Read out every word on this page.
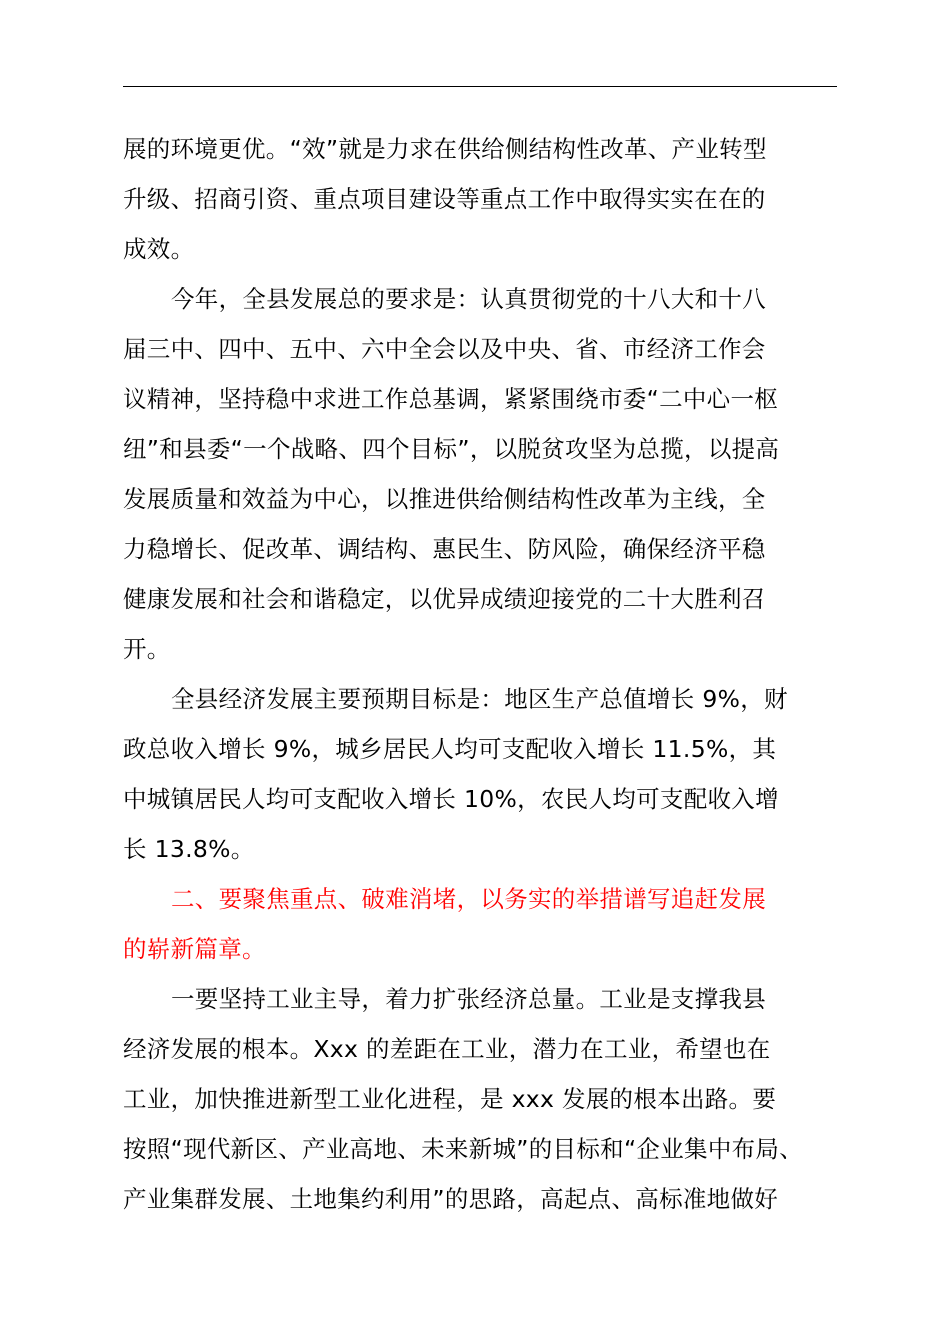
展的环境更优。“效”就是力求在供给侧结构性改革、产业转型
升级、招商引资、重点项目建设等重点工作中取得实实在在的
成效。
今年，全县发展总的要求是：认真贯彻党的十八大和十八
届三中、四中、五中、六中全会以及中央、省、市经济工作会
议精神，坚持稳中求进工作总基调，紧紧围绕市委“二中心一枢
纽”和县委“一个战略、四个目标”，以脱贫攻坚为总揽，以提高
发展质量和效益为中心，以推进供给侧结构性改革为主线，全
力稳增长、促改革、调结构、惠民生、防风险，确保经济平稳
健康发展和社会和谐稳定，以优异成绩迎接党的二十大胜利召
开。
全县经济发展主要预期目标是：地区生产总值增长 9%，财
政总收入增长 9%，城乡居民人均可支配收入增长 11.5%，其
中城镇居民人均可支配收入增长 10%，农民人均可支配收入增
长 13.8%。
二、要聚焦重点、破难消堵，以务实的举措谱写追赶发展
的崭新篇章。
一要坚持工业主导，着力扩张经济总量。工业是支撑我县
经济发展的根本。Xxx 的差距在工业，潜力在工业，希望也在
工业，加快推进新型工业化进程，是 xxx 发展的根本出路。要
按照“现代新区、产业高地、未来新城”的目标和“企业集中布局、
产业集群发展、土地集约利用”的思路，高起点、高标准地做好
